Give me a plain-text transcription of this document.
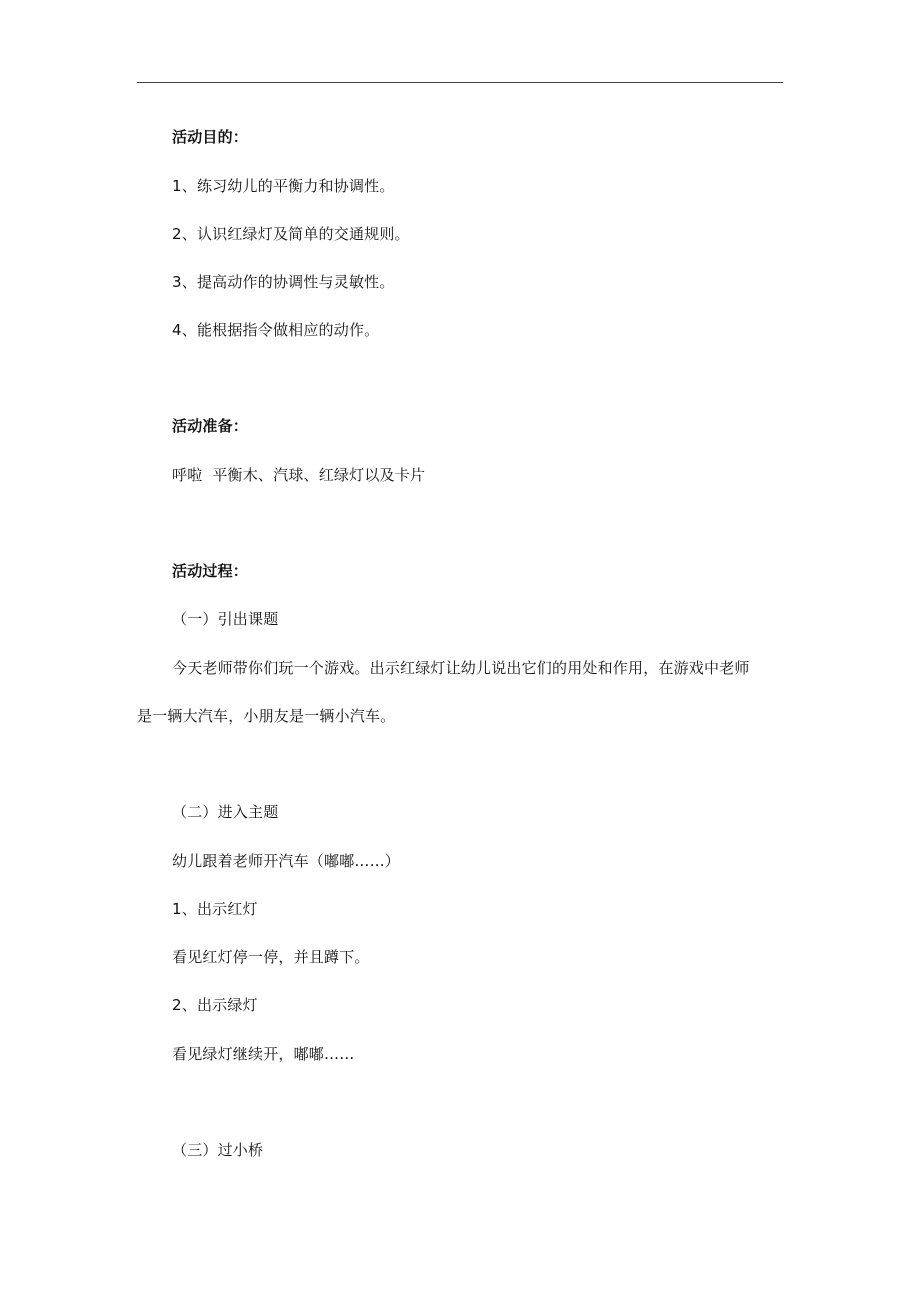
活动目的：
1、练习幼儿的平衡力和协调性。
2、认识红绿灯及简单的交通规则。
3、提高动作的协调性与灵敏性。
4、能根据指令做相应的动作。
活动准备：
呼啦  平衡木、汽球、红绿灯以及卡片
活动过程：
（一）引出课题
今天老师带你们玩一个游戏。出示红绿灯让幼儿说出它们的用处和作用，在游戏中老师
是一辆大汽车，小朋友是一辆小汽车。
（二）进入主题
幼儿跟着老师开汽车（嘟嘟……）
1、出示红灯
看见红灯停一停，并且蹲下。
2、出示绿灯
看见绿灯继续开，嘟嘟……
（三）过小桥
